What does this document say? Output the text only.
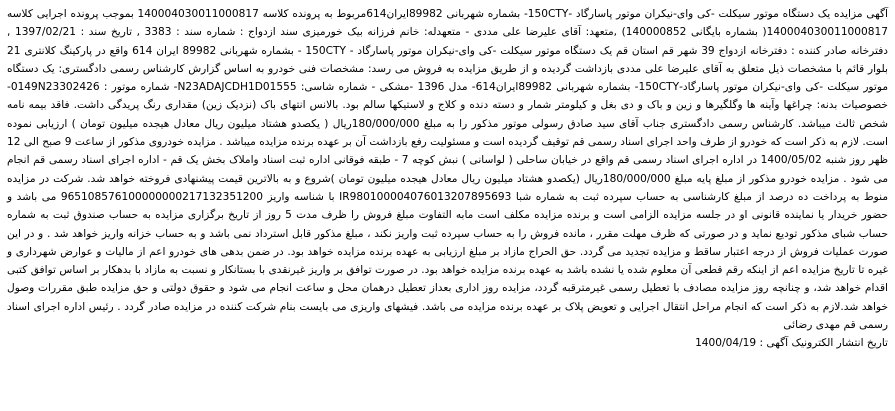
آگهی مزایده یک دستگاه موتور سیکلت -کی وای-نیکران موتور پاسارگاد -150CTY- بشماره شهربانی 89982ایران614مربوط به پرونده کلاسه 140004030011000817 بموجب پرونده اجرایی کلاسه 140004030011000817( بشماره بایگانی 140000852) ,متعهد: آقای علیرضا علی مددی - متعهدله: خانم فرزانه بیک خورمیزی سند ازدواج : شماره سند : 3383 , تاریخ سند : 1397/02/21 , دفترخانه صادر کننده : دفترخانه ازدواج 39 شهر قم استان قم یک دستگاه موتور سیکلت -کی وای-نیکران موتور پاسارگاد - 150CTY - بشماره شهربانی 89982 ایران 614 واقع در پارکینگ کلانتری 21 بلوار قائم با مشخصات ذیل متعلق به آقای علیرضا علی مددی بازداشت گردیده و از طریق مزایده به فروش می رسد: مشخصات فنی خودرو به اساس گزارش کارشناس رسمی دادگستری: یک دستگاه موتور سیکلت -کی وای-نیکران موتور پاسارگاد-150CTY- بشماره شهربانی 89982ایران614- مدل 1396 -مشکی - شماره شاسی: N23ADAJCDH1D01555- شماره موتور : 0149N23302426- خصوصیات بدنه: چراغها وآینه ها وگلگیرها و زین و باک و دی بغل و کیلومتر شمار و دسته دنده و کلاج و لاستیکها سالم بود. بالانس انتهای باک (نزدیک زین) مقداری رنگ پریدگی داشت. فاقد بیمه نامه شخص ثالث میباشد. کارشناس رسمی دادگستری جناب آقای سید صادق رسولی موتور مذکور را به مبلغ 180/000/000ریال ( یکصدو هشتاد میلیون ریال معادل هیجده میلیون تومان ) ارزیابی نموده است. لازم به ذکر است که خودرو از طرف واحد اجرای اسناد رسمی قم توقیف گردیده است و مسئولیت رفع بازداشت آن بر عهده برنده مزایده میباشد . مزایده خودروی مذکور از ساعت 9 صبح الی 12 ظهر روز شنبه 1400/05/02 در اداره اجرای اسناد رسمی قم واقع در خیابان ساحلی ( لواسانی ) نبش کوچه 7 - طبقه فوقانی اداره ثبت اسناد واملاک بخش یک قم - اداره اجرای اسناد رسمی قم انجام می شود . مزایده خودرو مذکور از مبلغ پایه مبلغ 180/000/000ریال (یکصدو هشتاد میلیون ریال معادل هیجده میلیون تومان )شروع و به بالاترین قیمت پیشنهادی فروخته خواهد شد. شرکت در مزایده منوط به پرداخت ده درصد از مبلغ کارشناسی به حساب سپرده ثبت به شماره شبا IR980100004076013207895693 با شناسه واریز 965108576100000000217132351200 می باشد و حضور خریدار یا نماینده قانونی او در جلسه مزایده الزامی است و برنده مزایده مکلف است مابه التفاوت مبلغ فروش را ظرف مدت 5 روز از تاریخ برگزاری مزایده به حساب صندوق ثبت به شماره حساب شبای مذکور تودیع نماید و در صورتی که ظرف مهلت مقرر ، مانده فروش را به حساب سپرده ثبت واریز نکند ، مبلغ مذکور قابل استرداد نمی باشد و به حساب خزانه واریز خواهد شد . و در این صورت عملیات فروش از درجه اعتبار ساقط و مزایده تجدید می گردد. حق الحراج مازاد بر مبلغ ارزیابی به عهده برنده مزایده خواهد بود. در ضمن بدهی های خودرو اعم از مالیات و عوارض شهرداری و غیره تا تاریخ مزایده اعم از اینکه رقم قطعی آن معلوم شده یا نشده باشد به عهده برنده مزایده خواهد بود. در صورت توافق بر واریز غیرنقدی با بستانکار و نسبت به مازاد با بدهکار بر اساس توافق کتبی اقدام خواهد شد، و چنانچه روز مزایده مصادف با تعطیل رسمی غیرمترقبه گردد، مزایده روز اداری بعداز تعطیل درهمان محل و ساعت انجام می شود و حقوق دولتی و حق مزایده طبق مقررات وصول خواهد شد.لازم به ذکر است که انجام مراحل انتقال اجرایی و تعویض پلاک بر عهده برنده مزایده می باشد. فیشهای واریزی می بایست بنام شرکت کننده در مزایده صادر گردد . رئیس اداره اجرای اسناد رسمی قم مهدی رضائی

تاریخ انتشار الکترونیک آگهی : 1400/04/19
